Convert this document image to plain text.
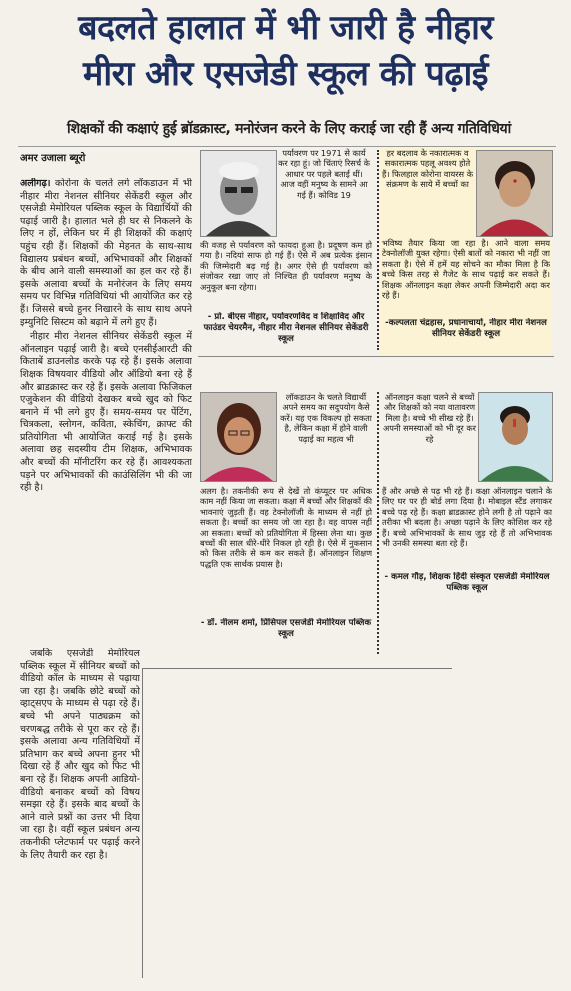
बदलते हालात में भी जारी है नीहार
मीरा और एसजेडी स्कूल की पढ़ाई
शिक्षकों की कक्षाएं हुई ब्रॉडक्रास्ट, मनोरंजन करने के लिए कराई जा रही हैं अन्य गतिविधियां
अमर उजाला ब्यूरो

अलीगढ़। कोरोना के चलते लगे लॉकडाउन में भी नीहार मीरा नेशनल सीनियर सेकेंडरी स्कूल और एसजेडी मेमोरियल पब्लिक स्कूल के विद्यार्थियों की पढ़ाई जारी है। हालात भले ही घर से निकलने के लिए न हों, लेकिन घर में ही शिक्षकों की कक्षाएं पहुंच रही हैं। शिक्षकों की मेहनत के साथ-साथ विद्यालय प्रबंधन बच्चों, अभिभावकों और शिक्षकों के बीच आने वाली समस्याओं का हल कर रहे हैं। इसके अलावा बच्चों के मनोरंजन के लिए समय समय पर विभिन्न गतिविधियां भी आयोजित कर रहे हैं। जिससे बच्चे हुनर निखारने के साथ साथ अपने इम्युनिटि सिस्टम को बढ़ाने में लगे हुए हैं।

नीहार मीरा नेशनल सीनियर सेकेंडरी स्कूल में ऑनलाइन पढ़ाई जारी है। बच्चे एनसीईआरटी की किताबें डाउनलोड करके पढ़ रहे हैं। इसके अलावा शिक्षक विषयवार वीडियो और ऑडियो बना रहे हैं और ब्राडक्रास्ट कर रहे हैं। इसके अलावा फिजिकल एजुकेशन की वीडियो देखकर बच्चे खुद को फिट बनाने में भी लगे हुए हैं। समय-समय पर पेंटिंग, चित्रकला, स्लोगन, कविता, स्केचिंग, क्राफ्ट की प्रतियोगिता भी आयोजित कराई गई है। इसके अलावा छह सदस्यीय टीम शिक्षक, अभिभावक और बच्चों की मॉनीटरिंग कर रहे हैं। आवश्यकता पड़ने पर अभिभावकों की काउंसिलिंग भी की जा रही है।

जबकि एसजेडी मेमोरियल पब्लिक स्कूल में सीनियर बच्चों को वीडियो कॉल के माध्यम से पढ़ाया जा रहा है। जबकि छोटे बच्चों को व्हाट्सएप के माध्यम से पढ़ा रहे हैं। बच्चे भी अपने पाठ्यक्रम को चरणबद्ध तरीके से पूरा कर रहे हैं। इसके अलावा अन्य गतिविधियों में प्रतिभाग कर बच्चे अपना हुनर भी दिखा रहे हैं और खुद को फिट भी बना रहे हैं। शिक्षक अपनी आडियो-वीडियो बनाकर बच्चों को विषय समझा रहे हैं। इसके बाद बच्चों के आने वाले प्रश्नों का उत्तर भी दिया जा रहा है। वहीं स्कूल प्रबंधन अन्य तकनीकी प्लेटफार्म पर पढ़ाई करने के लिए तैयारी कर रहा है।

पर्यावरण पर 1971 से कार्य कर रहा हूं। जो चिंताएं रिसर्च के आधार पर पहले बताई थीं। आज वहीं मनुष्य के सामने आ गई हैं। कोविड 19
की वजह से पर्यावरण को फायदा हुआ है। प्रदूषण कम हो गया है। नदियां साफ हो गई हैं। ऐसे में अब प्रत्येक इंसान की जिम्मेदारी बढ़ गई है। अगर ऐसे ही पर्यावरण को संजोकर रखा जाए तो निश्चित ही पर्यावरण मनुष्य के अनुकूल बना रहेगा।
- प्रो. बीएस नीहार, पर्यावरणविद व शिक्षाविद और फाउंडर चेयरमैन, नीहार मीरा नेशनल सीनियर सेकेंडरी स्कूल
हर बदलाव के नकारात्मक व सकारात्मक पहलू अवश्य होते हैं। फिलहाल कोरोना वायरस के संक्रमण के साये में बच्चों का
भविष्य तैयार किया जा रहा है। आने वाला समय टेक्नोलॉजी युक्त रहेगा। ऐसी बातों को नकारा भी नहीं जा सकता है। ऐसे में हमें यह सोचने का मौका मिला है कि बच्चे किस तरह से गैजेट के साथ पढ़ाई कर सकते हैं। शिक्षक ऑनलाइन कक्षा लेकर अपनी जिम्मेदारी अदा कर रहे हैं।
-कल्पलता चंद्रहास, प्रधानाचार्या, नीहार मीरा नेशनल सीनियर सेकेंडरी स्कूल
लॉकडाउन के चलते विद्यार्थी अपने समय का सदुपयोग कैसे करें। यह एक विकल्प हो सकता है, लेकिन कक्षा में होने वाली पढ़ाई का महत्व भी
अलग है। तकनीकी रूप से देखें तो कंप्यूटर पर अधिक काम नहीं किया जा सकता। कक्षा में बच्चों और शिक्षकों की भावनाएं जुड़ती हैं। वह टेक्नोलॉजी के माध्यम से नहीं हो सकता है। बच्चों का समय जो जा रहा है। वह वापस नहीं आ सकता। बच्चों को प्रतियोगिता में हिस्सा लेना था। कुछ बच्चों की साल धीरे-धीरे निकल हो रही है। ऐसे में नुकसान को किस तरीके से कम कर सकते हैं। ऑनलाइन शिक्षण पद्धति एक सार्थक प्रयास है।
- डॉ. नीलम शर्मा, प्रिंसिपल एसजेडी मेमोरियल पब्लिक स्कूल
ऑनलाइन कक्षा चलने से बच्चों और शिक्षकों को नया वातावरण मिला है। बच्चे भी सीख रहे हैं। अपनी समस्याओं को भी दूर कर रहे
हैं और अच्छे से पढ़ भी रहे हैं। कक्षा ऑनलाइन चलाने के लिए घर पर ही बोर्ड लगा दिया है। मोबाइल स्टैंड लगाकर बच्चे पढ़ रहे हैं। कक्षा ब्राडक्रास्ट होने लगी है तो पढ़ाने का तरीका भी बदला है। अच्छा पढ़ाने के लिए कोशिश कर रहे हैं। बच्चे अभिभावकों के साथ जुड़ रहे हैं तो अभिभावक भी उनकी समस्या बता रहे हैं।
- कमल गौड़, शिक्षक हिंदी संस्कृत एसजेडी मेमोरियल पब्लिक स्कूल
